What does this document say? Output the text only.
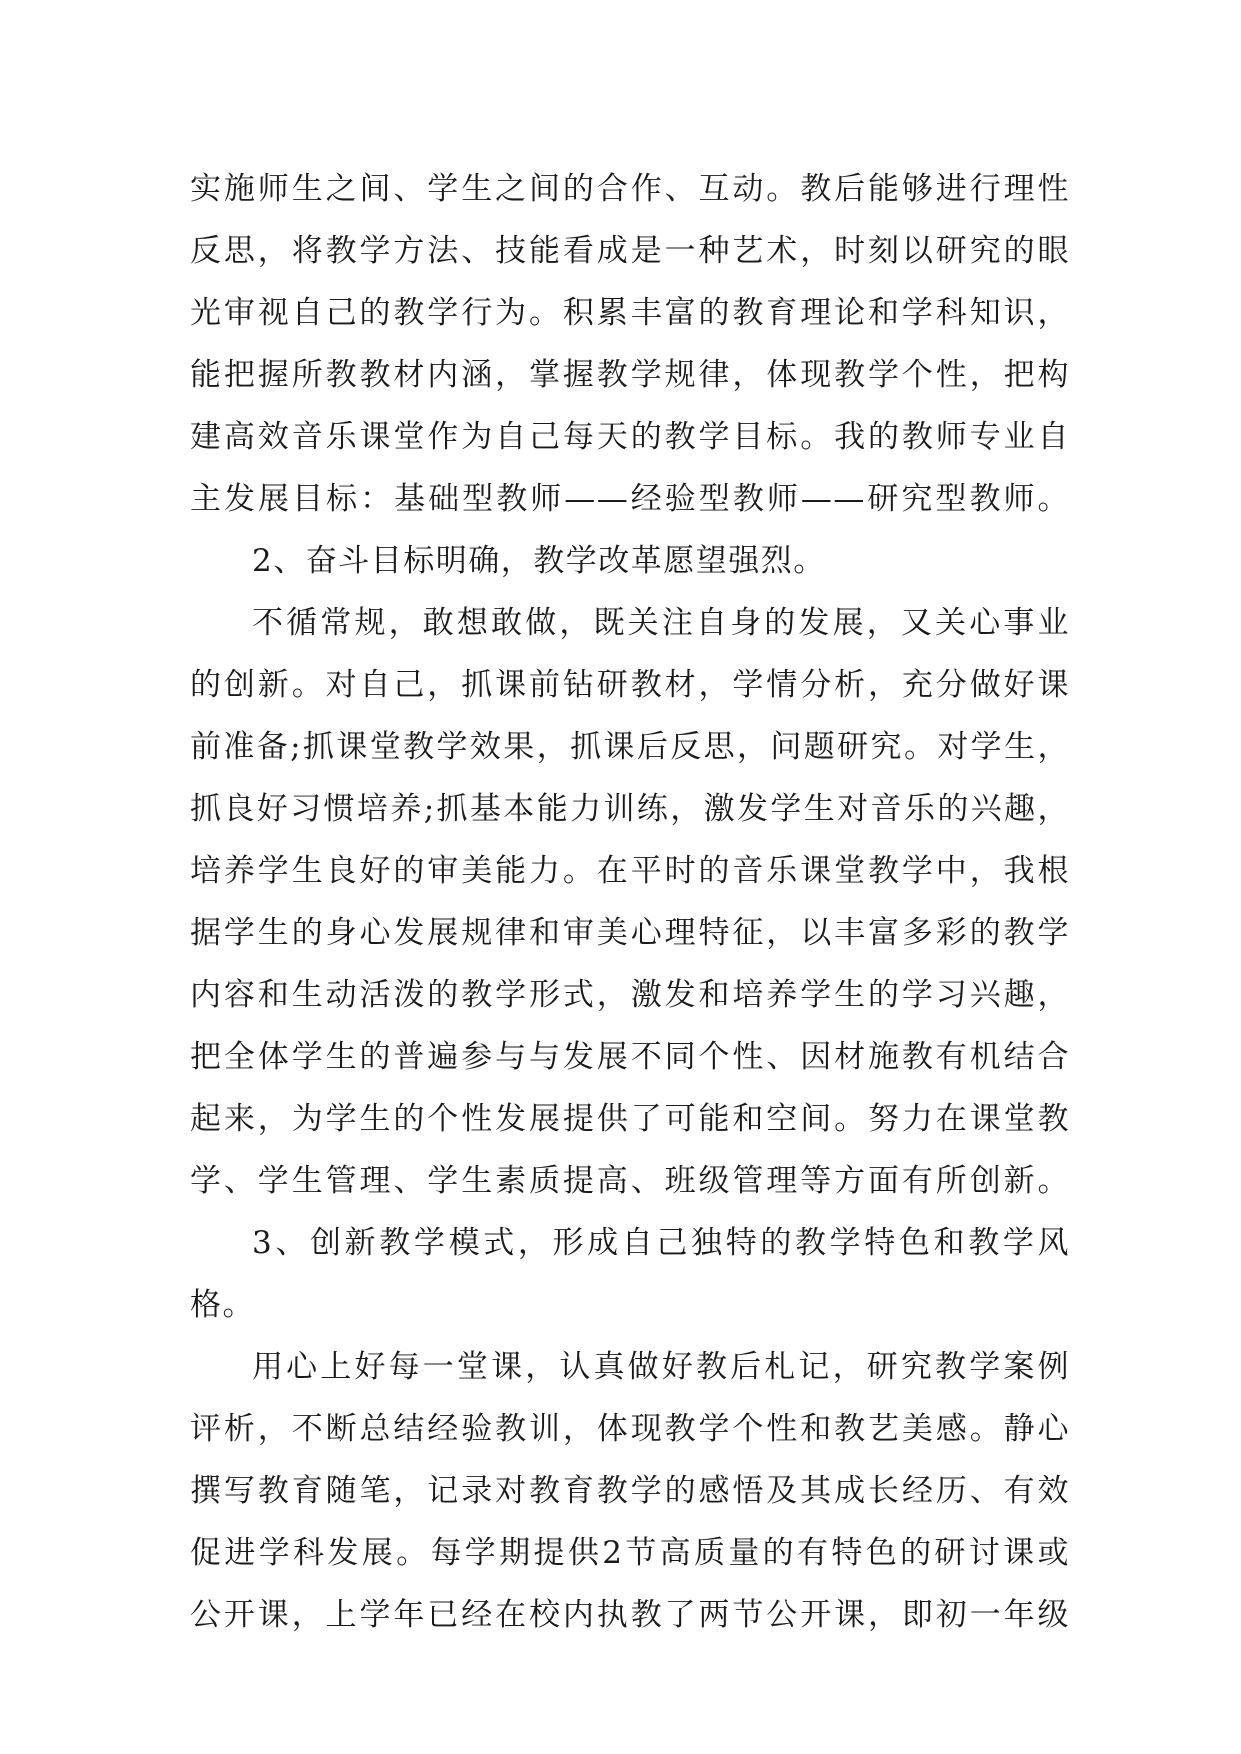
实施师生之间、学生之间的合作、互动。教后能够进行理性
反思，将教学方法、技能看成是一种艺术，时刻以研究的眼
光审视自己的教学行为。积累丰富的教育理论和学科知识，
能把握所教教材内涵，掌握教学规律，体现教学个性，把构
建高效音乐课堂作为自己每天的教学目标。我的教师专业自
主发展目标：基础型教师——经验型教师——研究型教师。
2、奋斗目标明确，教学改革愿望强烈。
不循常规，敢想敢做，既关注自身的发展，又关心事业
的创新。对自己，抓课前钻研教材，学情分析，充分做好课
前准备;抓课堂教学效果，抓课后反思，问题研究。对学生，
抓良好习惯培养;抓基本能力训练，激发学生对音乐的兴趣，
培养学生良好的审美能力。在平时的音乐课堂教学中，我根
据学生的身心发展规律和审美心理特征，以丰富多彩的教学
内容和生动活泼的教学形式，激发和培养学生的学习兴趣，
把全体学生的普遍参与与发展不同个性、因材施教有机结合
起来，为学生的个性发展提供了可能和空间。努力在课堂教
学、学生管理、学生素质提高、班级管理等方面有所创新。
3、创新教学模式，形成自己独特的教学特色和教学风
格。
用心上好每一堂课，认真做好教后札记，研究教学案例
评析，不断总结经验教训，体现教学个性和教艺美感。静心
撰写教育随笔，记录对教育教学的感悟及其成长经历、有效
促进学科发展。每学期提供2节高质量的有特色的研讨课或
公开课，上学年已经在校内执教了两节公开课，即初一年级
